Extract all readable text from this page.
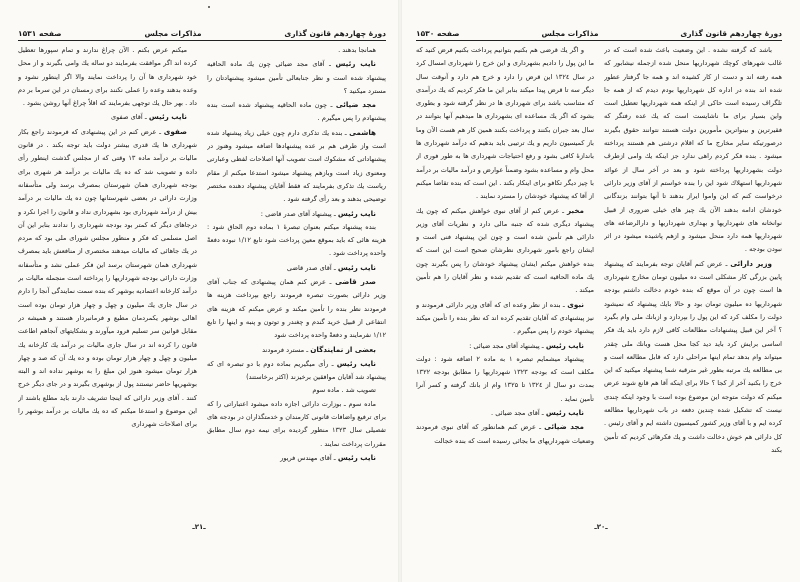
دورهٔ چهاردهم قانون گذاری
مذاکرات مجلس
صفحه ۱۵۳۱

همانجا بدهند .

نایب رئیس ـ آقای مجد ضیائی چون یك ماده الحاقیه پیشنهاد شده است و نظر جنابعالی تأمین میشود پیشنهادتان را مسترد میکنید ؟

مجد ضیائی ـ چون ماده الحاقیه پیشنهاد شده است بنده پیشنهادم را پس میگیرم .

هاشمی ـ بنده یك تذکری دارم چون خیلی زیاد پیشنهاد شده است واز طرفی هم بر عده پیشنهادها اضافه میشود وهنوز در پیشنهاداتی که مشکوك است تصویب آنها اصلاحات لفظی وعبارتی ومعنوی زیاد است وبازهم پیشنهاد میشود استدعا میکنم از مقام ریاست یك تذکری بفرمایند که فقط آقایان پیشنهاد دهنده مختصر توضیحی بدهند و بعد رأی گرفته شود .

نایب رئیس ـ پیشنهاد آقای صدر قاضی :

بنده پیشنهاد میکنم بعنوان تبصرهٔ ۱ بماده دوم الحاق شود : هزینه هائی که باید بموقع معین پرداخت شود تابع ۱/۱۲ نبوده دفعةً واحده پرداخت شود .

نایب رئیس ـ آقای صدر قاضی

صدر قاضی ـ عرض کنم همان پیشنهادی که جناب آقای وزیر دارائی بصورت تبصره فرمودند راجع بپرداخت هزینه ها فرمودند نظر بنده را تأمین میکند و عرض میکنم که هزینه های انتفاعی از قبیل خرید گندم و چغندر و توتون و پنبه و اینها را تابع ۱/۱۲ نفرمایند و دفعةً واحده پرداخت شود

بعضی از نمایندگان ـ مسترد فرمودند

نایب رئیس ـ رأی میگیریم بماده دوم با دو تبصره ای که پیشنهاد شد آقایان موافقین برخیزند (اکثر برخاستند)

تصویب شد . ماده سوم

ماده سوم ـ بوزارت دارائی اجازه داده میشود اعتباراتی را که برای ترفیع واضافات قانونی کارمندان و خدمتگذاران در بودجه های تفصیلی سال ۱۳۲۳ منظور گردیده برای نیمه دوم سال مطابق مقررات پرداخت نمایند .

نایب رئیس ـ آقای مهندس فریور

میکنم عرض بکنم . الآن چراغ ندارند و تمام سپورها تعطیل کرده اند اگر موافقت بفرمایند دو ساله یك وامی بگیرند و از محل خود شهرداری ها آن را پرداخت نمایند والا اگر اینطور نشود و وعده بدهند وعده را عملی نکنند برای زمستان در این سرما بر دم داد . بهر حال یك توجهی بفرمایند که اقلاً چراغ آنها روشن بشود .

نایب رئیس ـ آقای صفوی

صفوی ـ عرض کنم در این پیشنهادی که فرمودند راجع بکار شهرداری ها یك قدری بیشتر دولت باید توجه بکند . در قانون مالیات بر درآمد ماده ۱۳ وقتی که از مجلس گذشت اینطور رأی داده و تصویب شد که ده یك مالیات بر درآمد هر شهری برای بودجه شهرداری همان شهرستان بمصرف برسد ولی متأسفانه وزارت دارائی در بعضی شهرستانها چون ده یك مالیات بر درآمد بیش از درآمد شهرداری بود بشهرداری نداد و قانون را اجرا نکرد و درجاهای دیگر که کمتر بود بودجه شهرداری را ندادند بنابر این آن اصل مسلمی که فکر و منظور مجلس شورای ملی بود که مردم در یك جاهائی که مالیات میدهند مختصری از منافعش باید بمصرف شهرداری همان شهرستان برسد این فکر عملی نشد و متأسفانه وزارت دارائی بودجه شهرداریها را پرداخته است منجمله مالیات بر درآمد کارخانه اعتمادیه بوشهر که بنده سمت نمایندگی آنجا را دارم در سال جاری یك میلیون و چهل و چهار هزار تومان بوده است اهالی بوشهر یکمردمان مطیع و فرمانبردار هستند و همیشه در مقابل قوانین سر تسلیم فرود میآورند و بشکایتهای آنجاهم اطاعت قانون را کرده اند در سال جاری مالیات بر درآمد یك کارخانه یك میلیون و چهل و چهار هزار تومان بوده و ده یك آن که صد و چهار هزار تومان میشود هنوز این مبلغ را به بوشهر نداده اند و البته بوشهریها حاضر نیستند پول از بوشهری بگیرند و در جای دیگر خرج کنند . آقای وزیر دارائی که اینجا تشریف دارند باید مطلع باشند از این موضوع و استدعا میکنم که ده یك مالیات بر درآمد بوشهر را برای اصلاحات شهرداری

ـ۲۱ـ
دورهٔ چهاردهم قانون گذاری
مذاکرات مجلس
صفحه ۱۵۳۰

باشد که گرفته نشده . این وضعیت باعث شده است که در غالب شهرهای کوچك شهرداریها منحل شده ازجمله نیشابور که همه رفته اند و دست از کار کشیده اند و همه جا گرفتار عطور شده اند بنده در اداره کل شهرداریها بودم دیدم که از همه جا تلگراف رسیده است حاکی از اینکه همه شهرداریها تعطیل است واین بسیار برای ما ناشایست است که یك عده رفتگر که فقیرترین و بینواترین مأمورین دولت هستند نتوانند حقوق بگیرند درصورتیکه سایر مخارج ما که اقلام درشتی هم هستند پرداخته میشود . بنده فکر کردم راهی ندارد جز اینکه یك وامی ازطرف دولت بشهرداریها پرداخته شود و بعد در آخر سال از عوائد شهرداریها استهلاك شود این را بنده خواستم از آقای وزیر دارائی درخواست کنم که این واموا ایراز بدهند تا آنها بتوانند بزندگانی خودشان ادامه بدهند الآن یك چیز های خیلی ضروری از قبیل نوانخانه های شهرداریها و بهداری شهرداریها و دارالرضاعه های شهرداریها همه دارد منحل میشود و ازهم پاشیده میشود در اثر نبودن بودجه .

وزیر دارائی ـ عرض کنم آقایان توجه بفرمایند که پیشنهاد پایین بزرگی کار مشکلی است ده میلیون تومان مخارج شهرداری ها است چون در آن موقع که بنده خودم دخالت داشتم بودجه شهرداریها ده میلیون تومان بود و حالا بایك پیشنهاد که نمیشود دولت را مکلف کرد که این پول را بپردازد و ازبانك ملی وام بگیرد ؟ آخر این قبیل پیشنهادات مطالعات کافی لازم دارد باید یك فکر اساسی برایش کرد باید دید کجا محل هست وبانك ملی چقدر میتواند وام بدهد تمام اینها مراحلی دارد که قابل مطالعه است و بی مطالعه یك مرتبه بطور غیر مترقبه شما پیشنهاد میکنید که این خرج را بکنید آخر از کجا ؟ حالا برای اینکه آقا هم قانع شوند عرض میکنم که دولت متوجه این موضوع بوده است با وجود اینکه چندی نیست که تشکیل شده چندین دفعه در باب شهرداریها مطالعه کرده ایم و با آقای وزیر کشور کمیسیون داشته ایم و آقای رئیس . کل دارائی هم خوش دخالت داشت و یك فکرهائی کردیم که تأمین بکند

و اگر یك قرضی هم بکنیم بتوانیم پرداخت بکنیم فرض کنید که ما این پول را دادیم بشهرداری و این خرج را شهرداری امسال کرد در سال ۱۳۲٤ این قرض را دارد و خرج هم دارد و آنوقت سال دیگر سه تا قرض پیدا میکند بنابر این ما فکر کردیم که یك درآمدی که متناسب باشد برای شهرداری ها در نظر گرفته شود و بطوری بشود که اگر یك مساعده ای بشهرداری ها میدهیم آنها بتوانند در سال بعد جبران بکنند و پرداخت بکنند همین کار هم هست الآن وما باز کمیسیون داریم و یك ترتیبی باید بدهیم که درآمد شهرداری ها باندازهٔ کافی بشود و رفع احتیاجات شهرداری ها به طور فوری از محل وام و مساعده بشود وضمناً عوارض و درآمد مالیات بر درآمد با چیز دیگر تکافو برای اینکار بکند . این است که بنده تقاضا میکنم از آقا که پیشنهاد خودشان را مسترد نمایند .

مخبر ـ عرض کنم از آقای نبوی خواهش میکنم که چون یك پیشنهاد دیگری شده که جنبه مالی دارد و نظریات آقای وزیر دارائی هم تأمین شده است و چون این پیشنهاد فنی است و ایشان راجع بامور شهرداری نظرشان صحیح است این است که بنده خواهش میکنم ایشان پیشنهاد خودشان را پس بگیرند چون یك ماده الحاقیه است که تقدیم شده و نظر آقایان را هم تأمین میکند .

نبوی ـ بنده از نظر وعده ای که آقای وزیر دارائی فرمودند و نیز پیشنهادی که آقایان تقدیم کرده اند که نظر بنده را تأمین میکند پیشنهاد خودم را پس میگیرم .

نایب رئیس ـ پیشنهاد آقای مجد ضیائی :

پیشنهاد میشمایم تبصره ۱ به ماده ۲ اضافه شود : دولت مکلف است که بودجه ۱۳۲۳ شهرداریها را مطابق بودجه ۱۳۲۲ بمدت دو سال از ۱۳۲٤ تا ۱۳۲۵ وام از بانك گرفته و کسر آنرا تأمین نماید .

نایب رئیس ـ آقای مجد ضیائی .

مجد ضیائی ـ عرض کنم همانطور که آقای نبوی فرمودند وضعیات شهرداریهای ما بجائی رسیده است که بنده خجالت

ـ۲۰ـ
